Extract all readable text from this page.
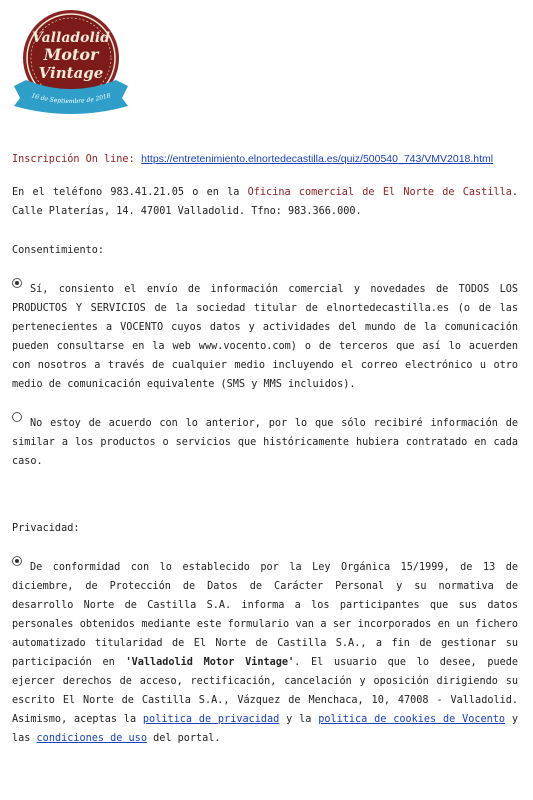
Valladolid
Motor
Vintage
16 de Septiembre de 2018

Inscripción On line: https://entretenimiento.elnortedecastilla.es/quiz/500540_743/VMV2018.html

En el teléfono 983.41.21.05 o en la Oficina comercial de El Norte de Castilla. Calle Platerías, 14. 47001 Valladolid. Tfno: 983.366.000.

Consentimiento:

Sí, consiento el envío de información comercial y novedades de TODOS LOS PRODUCTOS Y SERVICIOS de la sociedad titular de elnortedecastilla.es (o de las pertenecientes a VOCENTO cuyos datos y actividades del mundo de la comunicación pueden consultarse en la web www.vocento.com) o de terceros que así lo acuerden con nosotros a través de cualquier medio incluyendo el correo electrónico u otro medio de comunicación equivalente (SMS y MMS incluidos).

No estoy de acuerdo con lo anterior, por lo que sólo recibiré información de similar a los productos o servicios que históricamente hubiera contratado en cada caso.

Privacidad:

De conformidad con lo establecido por la Ley Orgánica 15/1999, de 13 de diciembre, de Protección de Datos de Carácter Personal y su normativa de desarrollo Norte de Castilla S.A. informa a los participantes que sus datos personales obtenidos mediante este formulario van a ser incorporados en un fichero automatizado titularidad de El Norte de Castilla S.A., a fin de gestionar su participación en 'Valladolid Motor Vintage'. El usuario que lo desee, puede ejercer derechos de acceso, rectificación, cancelación y oposición dirigiendo su escrito El Norte de Castilla S.A., Vázquez de Menchaca, 10, 47008 - Valladolid. Asimismo, aceptas la politica de privacidad y la politica de cookies de Vocento y las condiciones de uso del portal.
